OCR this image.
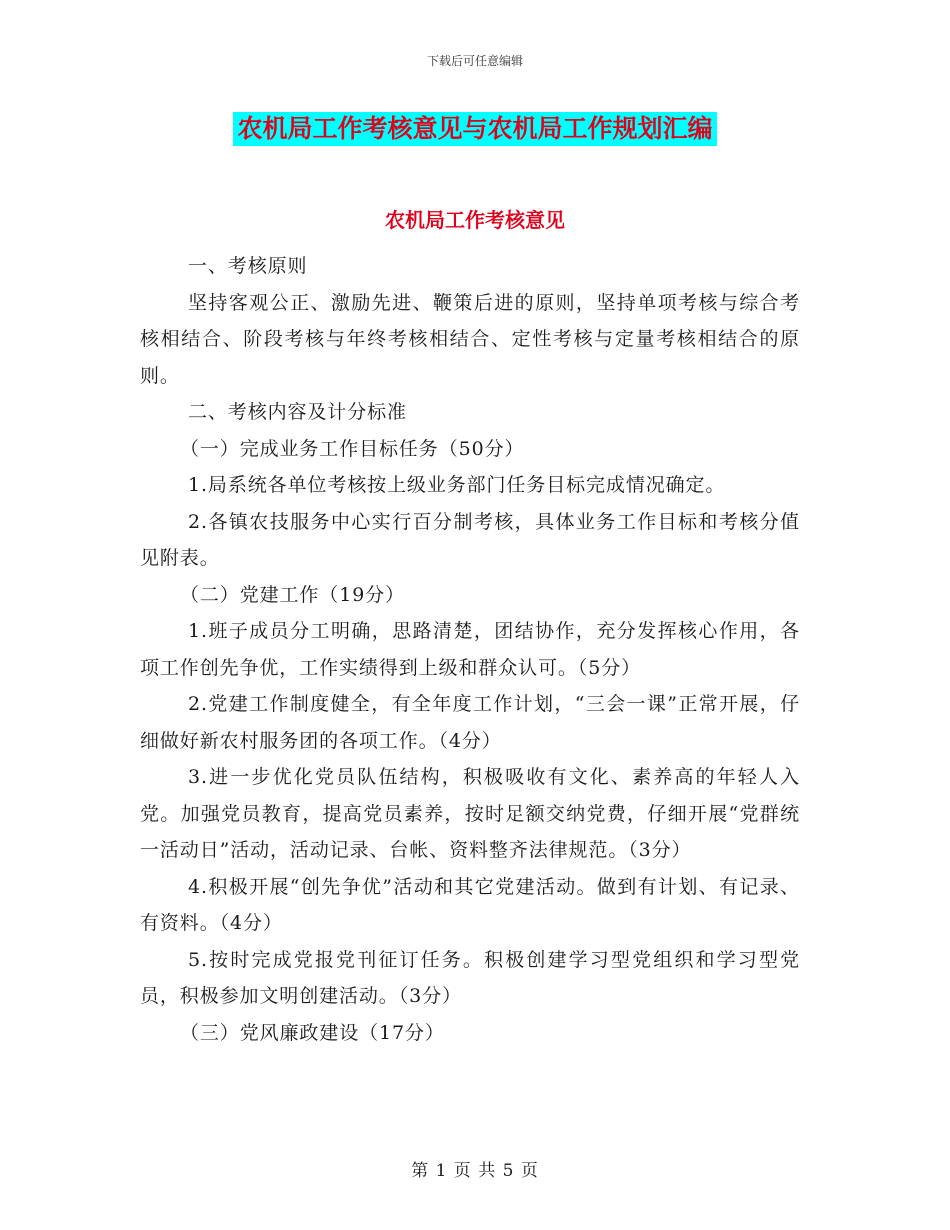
下载后可任意编辑
农机局工作考核意见与农机局工作规划汇编
农机局工作考核意见

一、考核原则

坚持客观公正、激励先进、鞭策后进的原则，坚持单项考核与综合考核相结合、阶段考核与年终考核相结合、定性考核与定量考核相结合的原则。

二、考核内容及计分标准

（一）完成业务工作目标任务（50分）

1.局系统各单位考核按上级业务部门任务目标完成情况确定。

2.各镇农技服务中心实行百分制考核，具体业务工作目标和考核分值见附表。

（二）党建工作（19分）

1.班子成员分工明确，思路清楚，团结协作，充分发挥核心作用，各项工作创先争优，工作实绩得到上级和群众认可。（5分）

2.党建工作制度健全，有全年度工作计划，“三会一课”正常开展，仔细做好新农村服务团的各项工作。（4分）

3.进一步优化党员队伍结构，积极吸收有文化、素养高的年轻人入党。加强党员教育，提高党员素养，按时足额交纳党费，仔细开展“党群统一活动日”活动，活动记录、台帐、资料整齐法律规范。（3分）

4.积极开展“创先争优”活动和其它党建活动。做到有计划、有记录、有资料。（4分）

5.按时完成党报党刊征订任务。积极创建学习型党组织和学习型党员，积极参加文明创建活动。（3分）

（三）党风廉政建设（17分）

第 1 页 共 5 页
